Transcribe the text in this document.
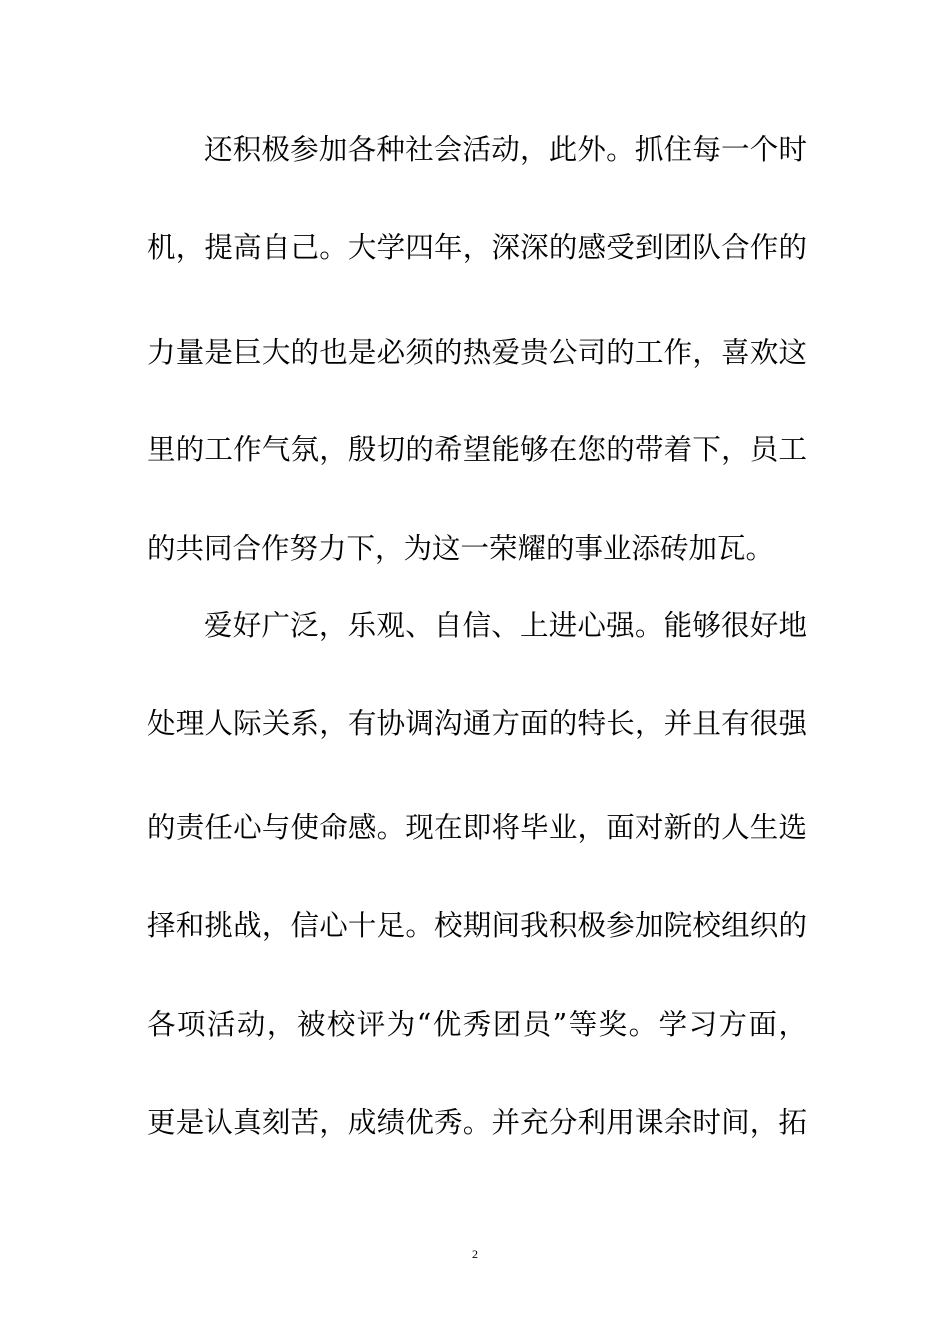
还积极参加各种社会活动，此外。抓住每一个时
机，提高自己。大学四年，深深的感受到团队合作的
力量是巨大的也是必须的热爱贵公司的工作，喜欢这
里的工作气氛，殷切的希望能够在您的带着下，员工
的共同合作努力下，为这一荣耀的事业添砖加瓦。
爱好广泛，乐观、自信、上进心强。能够很好地
处理人际关系，有协调沟通方面的特长，并且有很强
的责任心与使命感。现在即将毕业，面对新的人生选
择和挑战，信心十足。校期间我积极参加院校组织的
各项活动，被校评为“优秀团员”等奖。学习方面，
更是认真刻苦，成绩优秀。并充分利用课余时间，拓
2
